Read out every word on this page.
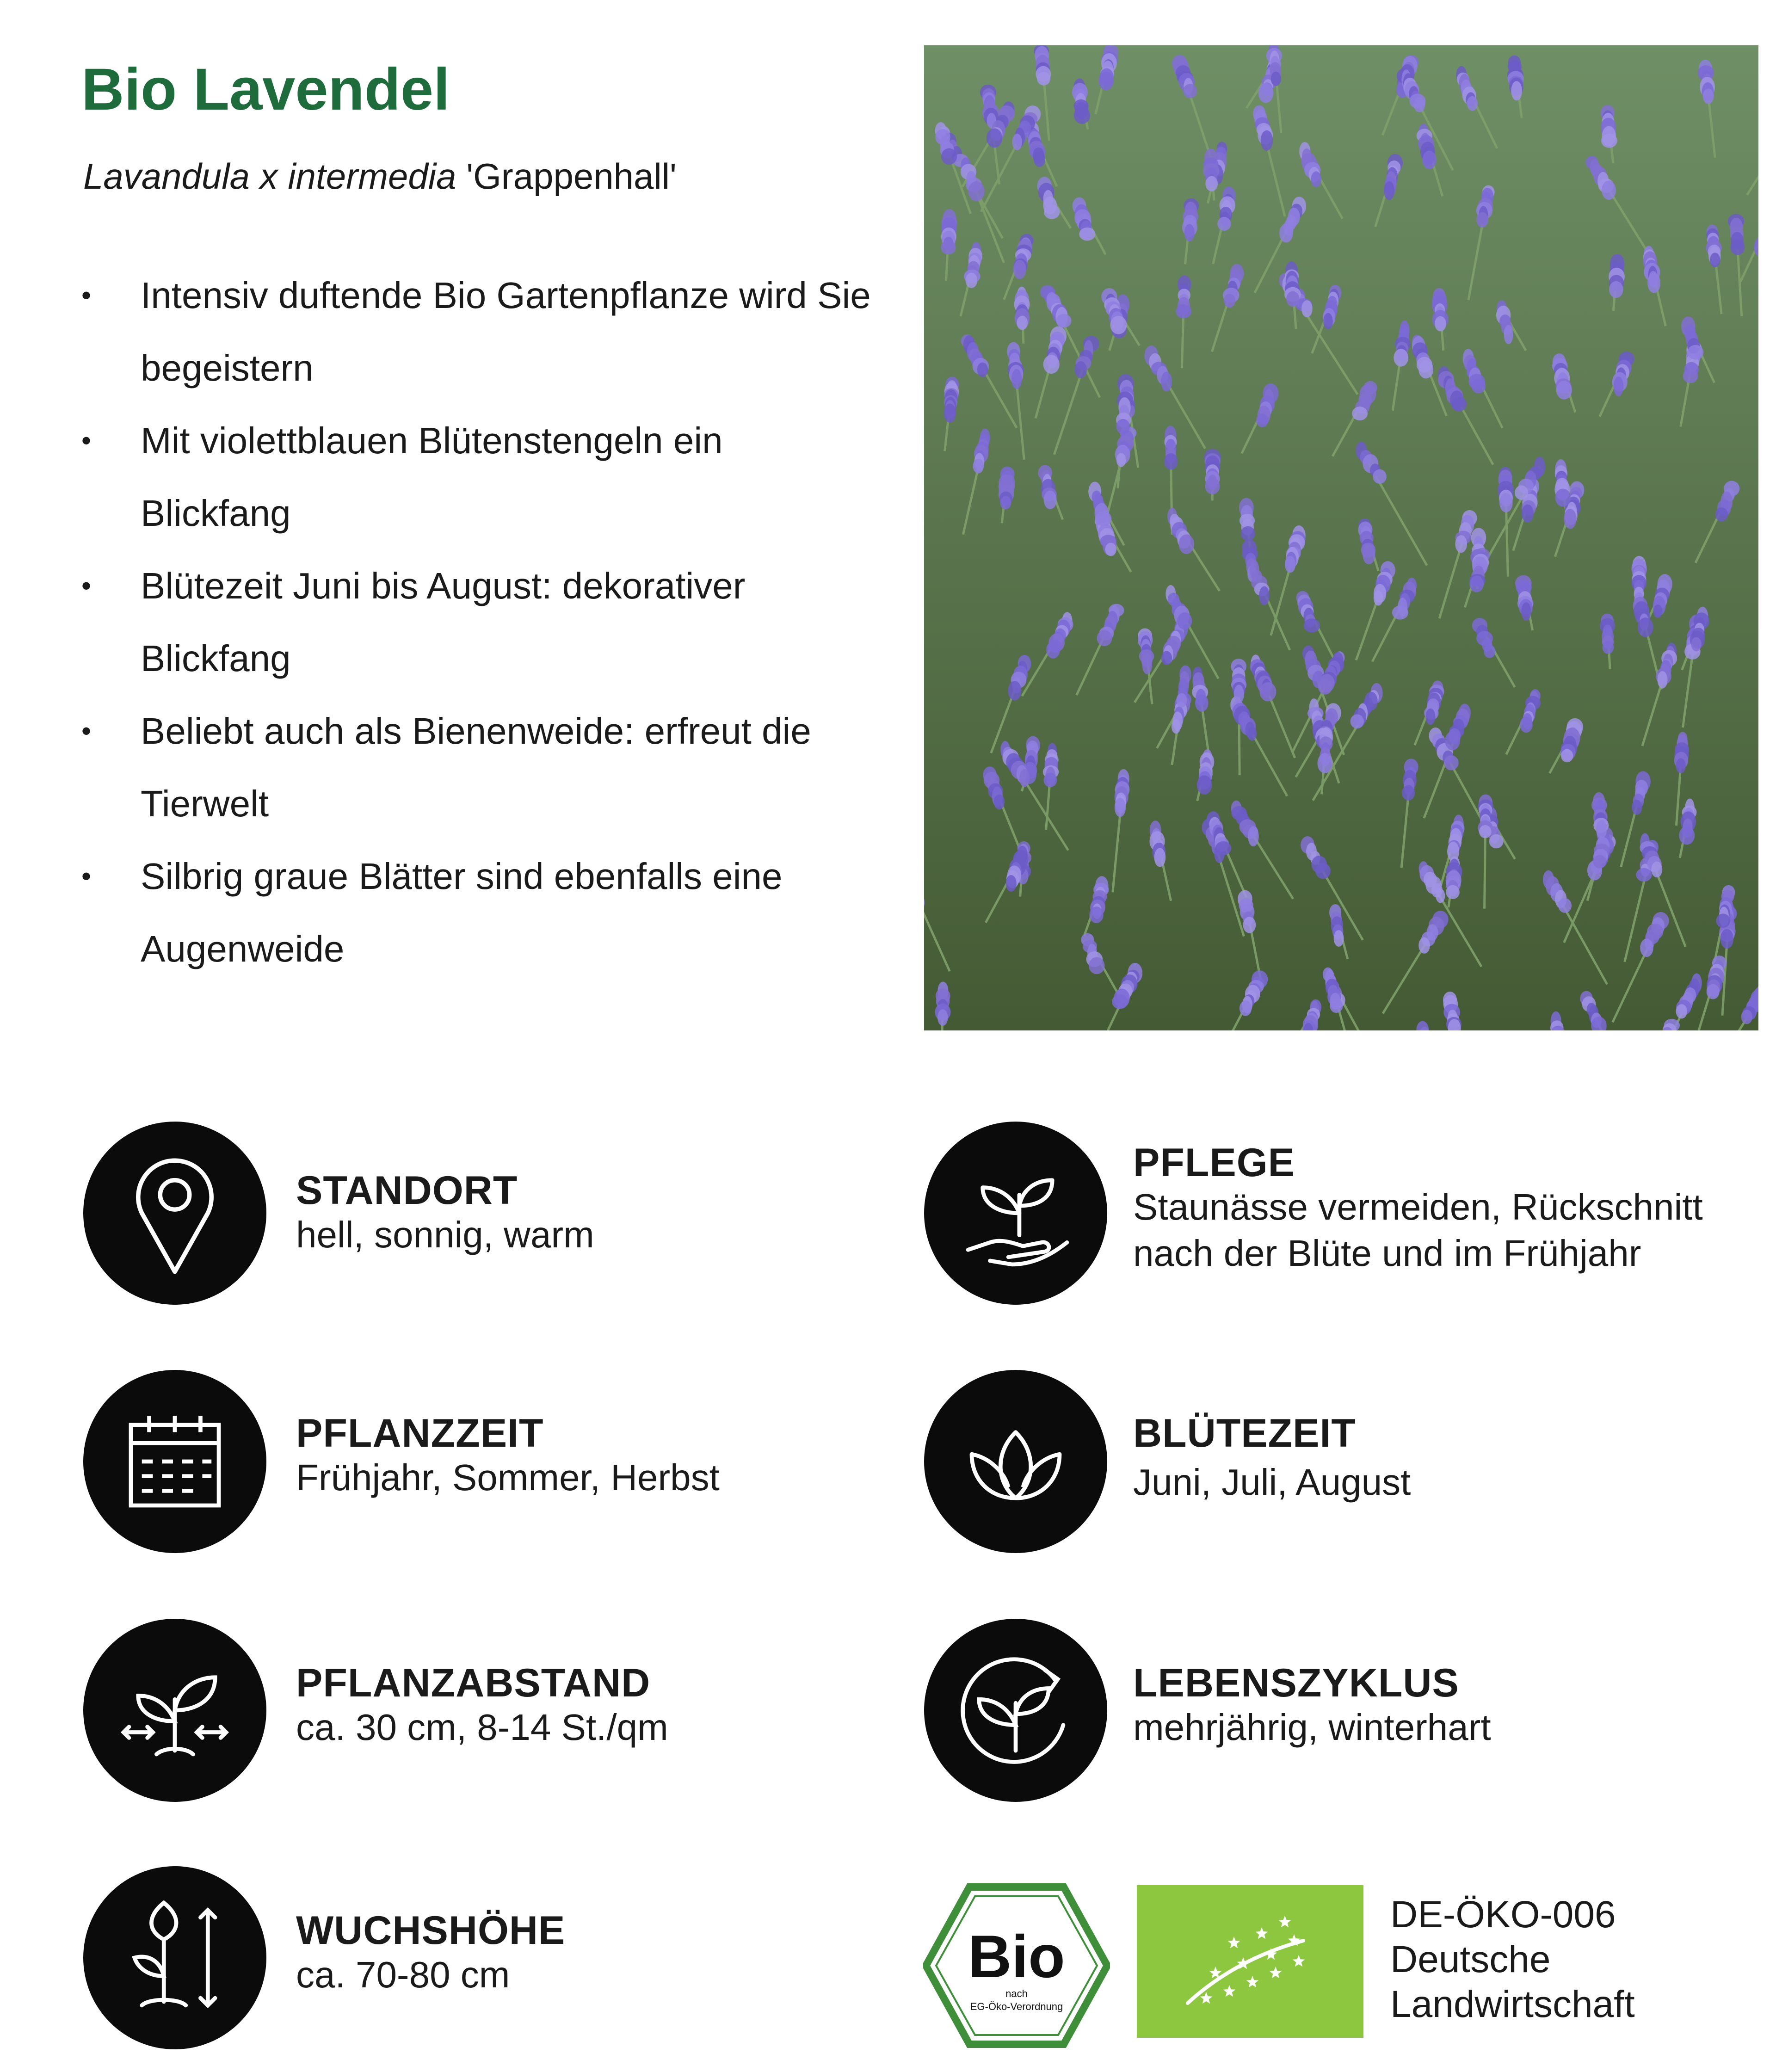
Bio Lavendel
Lavandula x intermedia 'Grappenhall'
• Intensiv duftende Bio Gartenpflanze wird Sie begeistern
• Mit violettblauen Blütenstengeln ein Blickfang
• Blütezeit Juni bis August: dekorativer Blickfang
• Beliebt auch als Bienenweide: erfreut die Tierwelt
• Silbrig graue Blätter sind ebenfalls eine Augenweide
STANDORT
hell, sonnig, warm
PFLANZZEIT
Frühjahr, Sommer, Herbst
PFLANZABSTAND
ca. 30 cm, 8-14 St./qm
WUCHSHÖHE
ca. 70-80 cm
PFLEGE
Staunässe vermeiden, Rückschnitt
nach der Blüte und im Frühjahr
BLÜTEZEIT
Juni, Juli, August
LEBENSZYKLUS
mehrjährig, winterhart
Bio
nach
EG-Öko-Verordnung
DE-ÖKO-006
Deutsche
Landwirtschaft
